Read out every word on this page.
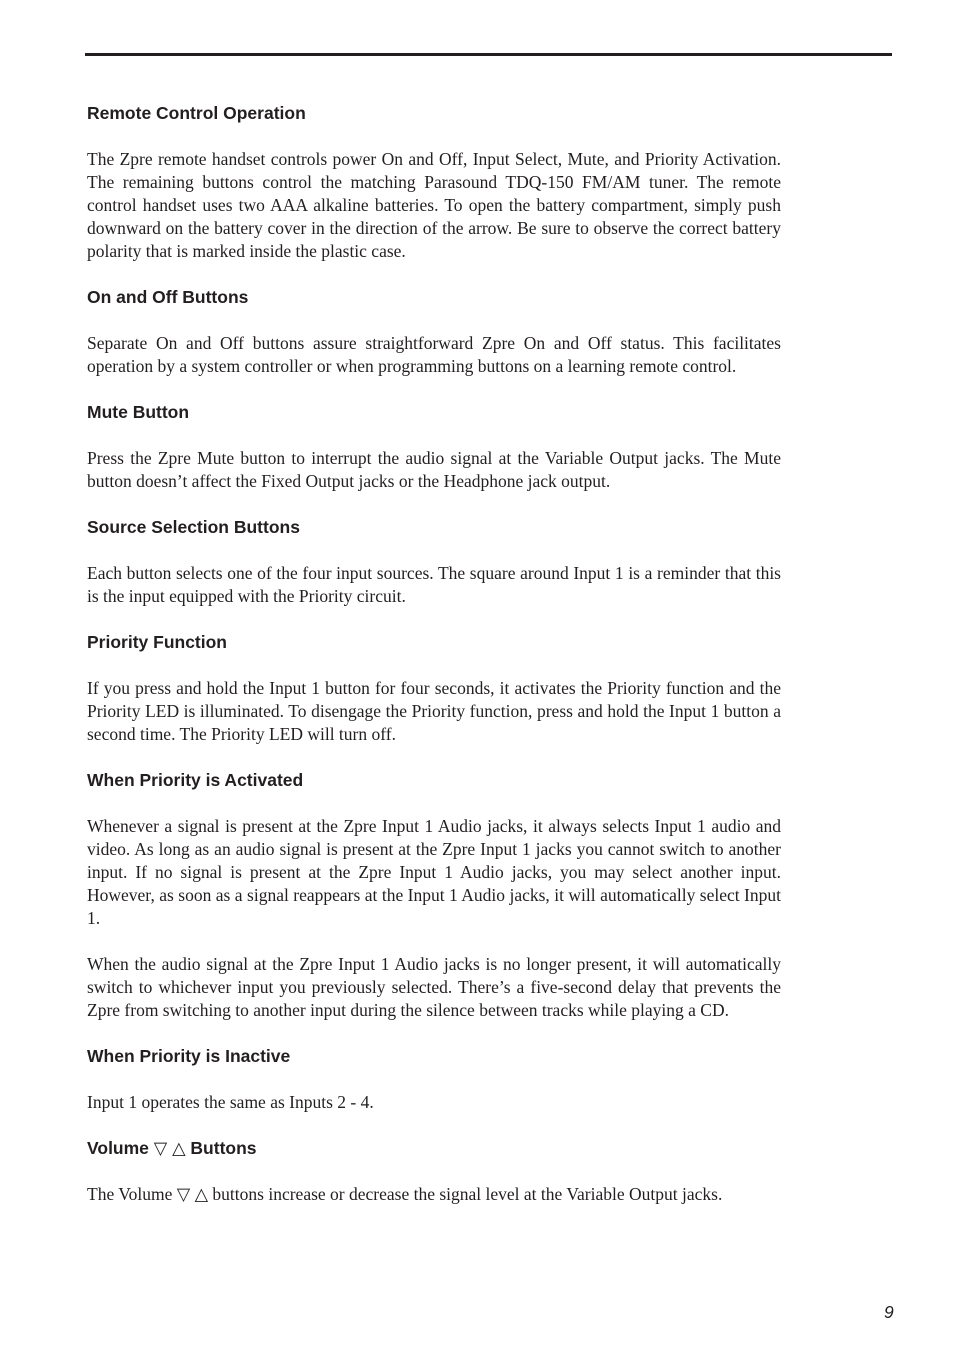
Remote Control Operation

The Zpre remote handset controls power On and Off, Input Select, Mute, and Priority Activation. The remaining buttons control the matching Parasound TDQ-150 FM/AM tuner. The remote control handset uses two AAA alkaline batteries. To open the battery compartment, simply push downward on the battery cover in the direction of the arrow. Be sure to observe the correct battery polarity that is marked inside the plastic case.

On and Off Buttons

Separate On and Off buttons assure straightforward Zpre On and Off status. This facilitates operation by a system controller or when programming buttons on a learning remote control.

Mute Button

Press the Zpre Mute button to interrupt the audio signal at the Variable Output jacks. The Mute button doesn’t affect the Fixed Output jacks or the Headphone jack output.

Source Selection Buttons

Each button selects one of the four input sources. The square around Input 1 is a reminder that this is the input equipped with the Priority circuit.

Priority Function

If you press and hold the Input 1 button for four seconds, it activates the Priority function and the Priority LED is illuminated. To disengage the Priority function, press and hold the Input 1 button a second time. The Priority LED will turn off.

When Priority is Activated

Whenever a signal is present at the Zpre Input 1 Audio jacks, it always selects Input 1 audio and video. As long as an audio signal is present at the Zpre Input 1 jacks you cannot switch to another input. If no signal is present at the Zpre Input 1 Audio jacks, you may select another input. However, as soon as a signal reappears at the Input 1 Audio jacks, it will automatically select Input 1.

When the audio signal at the Zpre Input 1 Audio jacks is no longer present, it will automatically switch to whichever input you previously selected. There’s a five-second delay that prevents the Zpre from switching to another input during the silence between tracks while playing a CD.

When Priority is Inactive

Input 1 operates the same as Inputs 2 - 4.

Volume ▽ △ Buttons

The Volume ▽ △ buttons increase or decrease the signal level at the Variable Output jacks.

9
